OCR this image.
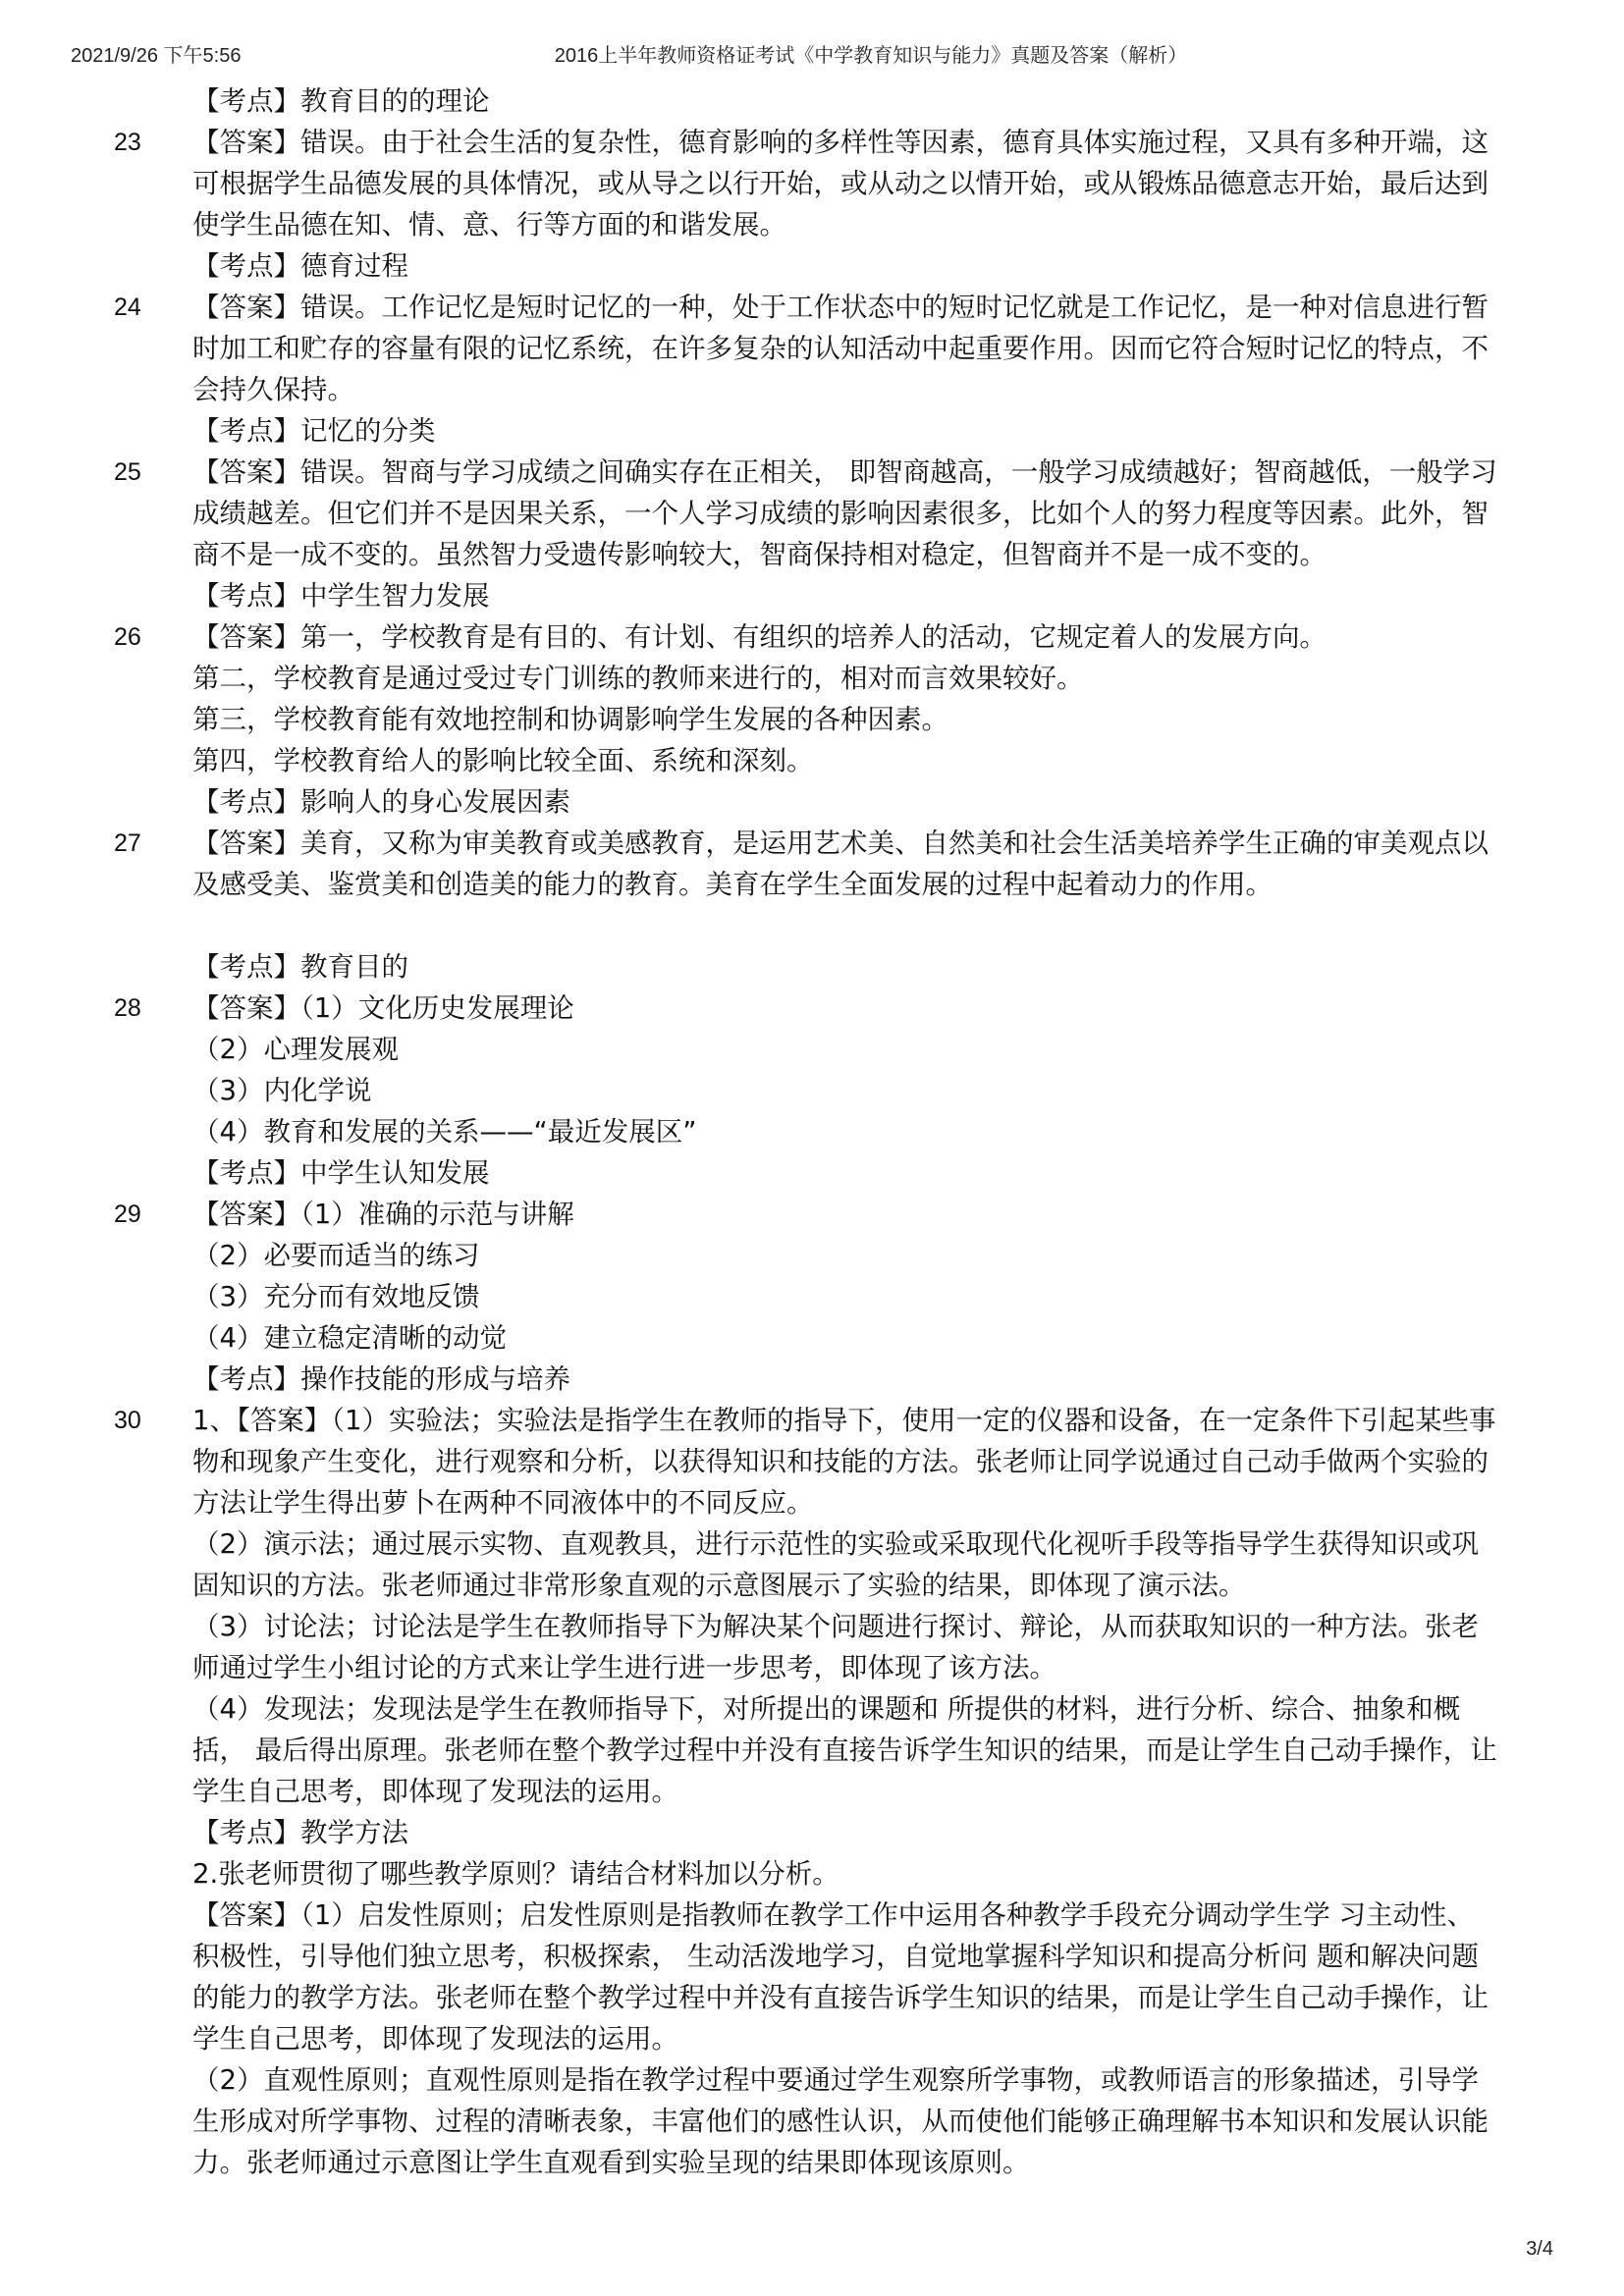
2021/9/26 下午5:56	2016上半年教师资格证考试《中学教育知识与能力》真题及答案（解析）

【考点】教育目的的理论

23 【答案】错误。由于社会生活的复杂性，德育影响的多样性等因素，德育具体实施过程，又具有多种开端，这可根据学生品德发展的具体情况，或从导之以行开始，或从动之以情开始，或从锻炼品德意志开始，最后达到使学生品德在知、情、意、行等方面的和谐发展。

【考点】德育过程

24 【答案】错误。工作记忆是短时记忆的一种，处于工作状态中的短时记忆就是工作记忆，是一种对信息进行暂时加工和贮存的容量有限的记忆系统，在许多复杂的认知活动中起重要作用。因而它符合短时记忆的特点，不会持久保持。

【考点】记忆的分类

25 【答案】错误。智商与学习成绩之间确实存在正相关， 即智商越高，一般学习成绩越好；智商越低，一般学习成绩越差。但它们并不是因果关系，一个人学习成绩的影响因素很多，比如个人的努力程度等因素。此外，智商不是一成不变的。虽然智力受遗传影响较大，智商保持相对稳定，但智商并不是一成不变的。

【考点】中学生智力发展

26 【答案】第一，学校教育是有目的、有计划、有组织的培养人的活动，它规定着人的发展方向。

第二，学校教育是通过受过专门训练的教师来进行的，相对而言效果较好。

第三，学校教育能有效地控制和协调影响学生发展的各种因素。

第四，学校教育给人的影响比较全面、系统和深刻。

【考点】影响人的身心发展因素

27 【答案】美育，又称为审美教育或美感教育，是运用艺术美、自然美和社会生活美培养学生正确的审美观点以及感受美、鉴赏美和创造美的能力的教育。美育在学生全面发展的过程中起着动力的作用。

【考点】教育目的

28 【答案】（1）文化历史发展理论

（2）心理发展观

（3）内化学说

（4）教育和发展的关系——“最近发展区”

【考点】中学生认知发展

29 【答案】（1）准确的示范与讲解

（2）必要而适当的练习

（3）充分而有效地反馈

（4）建立稳定清晰的动觉

【考点】操作技能的形成与培养

30 1、【答案】（1）实验法；实验法是指学生在教师的指导下，使用一定的仪器和设备，在一定条件下引起某些事物和现象产生变化，进行观察和分析，以获得知识和技能的方法。张老师让同学说通过自己动手做两个实验的方法让学生得出萝卜在两种不同液体中的不同反应。

（2）演示法；通过展示实物、直观教具，进行示范性的实验或采取现代化视听手段等指导学生获得知识或巩固知识的方法。张老师通过非常形象直观的示意图展示了实验的结果，即体现了演示法。

（3）讨论法；讨论法是学生在教师指导下为解决某个问题进行探讨、辩论，从而获取知识的一种方法。张老师通过学生小组讨论的方式来让学生进行进一步思考，即体现了该方法。

（4）发现法；发现法是学生在教师指导下，对所提出的课题和 所提供的材料，进行分析、综合、抽象和概括， 最后得出原理。张老师在整个教学过程中并没有直接告诉学生知识的结果，而是让学生自己动手操作，让学生自己思考，即体现了发现法的运用。

【考点】教学方法

2.张老师贯彻了哪些教学原则？请结合材料加以分析。

【答案】（1）启发性原则；启发性原则是指教师在教学工作中运用各种教学手段充分调动学生学 习主动性、积极性，引导他们独立思考，积极探索， 生动活泼地学习，自觉地掌握科学知识和提高分析问 题和解决问题的能力的教学方法。张老师在整个教学过程中并没有直接告诉学生知识的结果，而是让学生自己动手操作，让学生自己思考，即体现了发现法的运用。

（2）直观性原则；直观性原则是指在教学过程中要通过学生观察所学事物，或教师语言的形象描述，引导学生形成对所学事物、过程的清晰表象，丰富他们的感性认识，从而使他们能够正确理解书本知识和发展认识能力。张老师通过示意图让学生直观看到实验呈现的结果即体现该原则。

3/4
